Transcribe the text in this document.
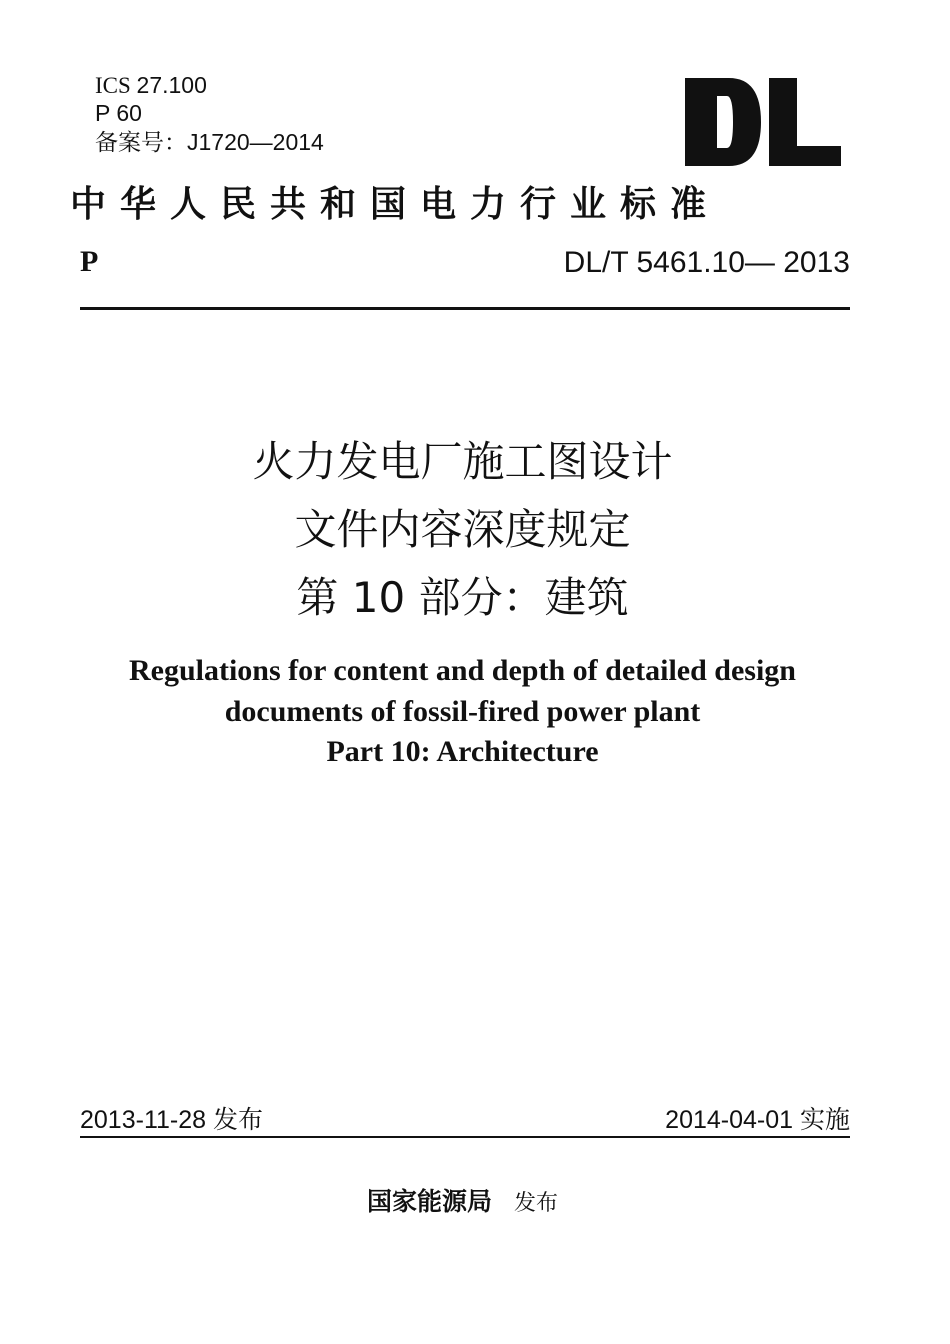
ICS 27.100
P 60
备案号：J1720—2014
中华人民共和国电力行业标准
P	DL/T 5461.10— 2013
火力发电厂施工图设计
文件内容深度规定
第 10 部分：建筑
Regulations for content and depth of detailed design
documents of fossil-fired power plant
Part 10: Architecture
2013-11-28 发布	2014-04-01 实施
国家能源局 发布
